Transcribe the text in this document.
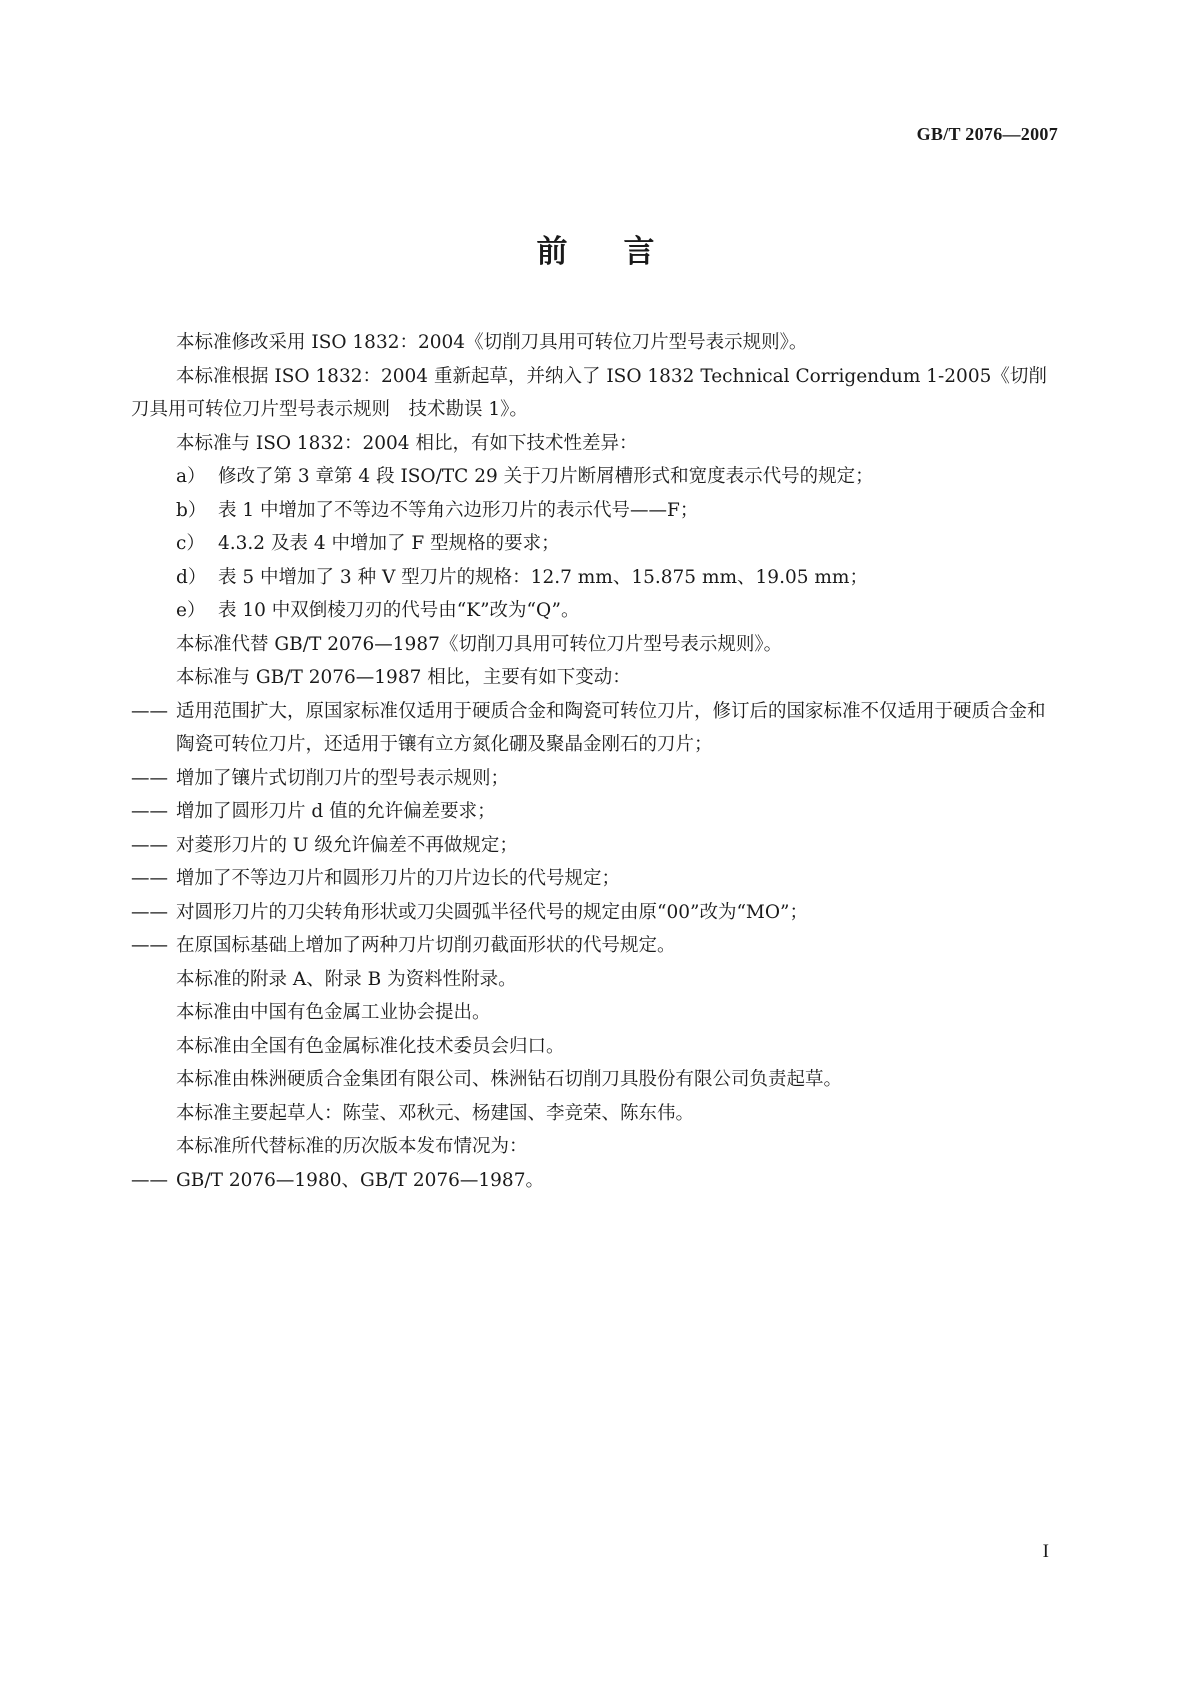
GB/T 2076—2007
前言

本标准修改采用 ISO 1832：2004《切削刀具用可转位刀片型号表示规则》。

本标准根据 ISO 1832：2004 重新起草，并纳入了 ISO 1832 Technical Corrigendum 1-2005《切削刀具用可转位刀片型号表示规则　技术勘误 1》。

本标准与 ISO 1832：2004 相比，有如下技术性差异：

a） 修改了第 3 章第 4 段 ISO/TC 29 关于刀片断屑槽形式和宽度表示代号的规定；

b） 表 1 中增加了不等边不等角六边形刀片的表示代号——F；

c） 4.3.2 及表 4 中增加了 F 型规格的要求；

d） 表 5 中增加了 3 种 V 型刀片的规格：12.7 mm、15.875 mm、19.05 mm；

e） 表 10 中双倒棱刀刃的代号由“K”改为“Q”。

本标准代替 GB/T 2076—1987《切削刀具用可转位刀片型号表示规则》。

本标准与 GB/T 2076—1987 相比，主要有如下变动：

—— 适用范围扩大，原国家标准仅适用于硬质合金和陶瓷可转位刀片，修订后的国家标准不仅适用于硬质合金和陶瓷可转位刀片，还适用于镶有立方氮化硼及聚晶金刚石的刀片；

—— 增加了镶片式切削刀片的型号表示规则；

—— 增加了圆形刀片 d 值的允许偏差要求；

—— 对菱形刀片的 U 级允许偏差不再做规定；

—— 增加了不等边刀片和圆形刀片的刀片边长的代号规定；

—— 对圆形刀片的刀尖转角形状或刀尖圆弧半径代号的规定由原“00”改为“MO”；

—— 在原国标基础上增加了两种刀片切削刃截面形状的代号规定。

本标准的附录 A、附录 B 为资料性附录。

本标准由中国有色金属工业协会提出。

本标准由全国有色金属标准化技术委员会归口。

本标准由株洲硬质合金集团有限公司、株洲钻石切削刀具股份有限公司负责起草。

本标准主要起草人：陈莹、邓秋元、杨建国、李竞荣、陈东伟。

本标准所代替标准的历次版本发布情况为：

—— GB/T 2076—1980、GB/T 2076—1987。

I
